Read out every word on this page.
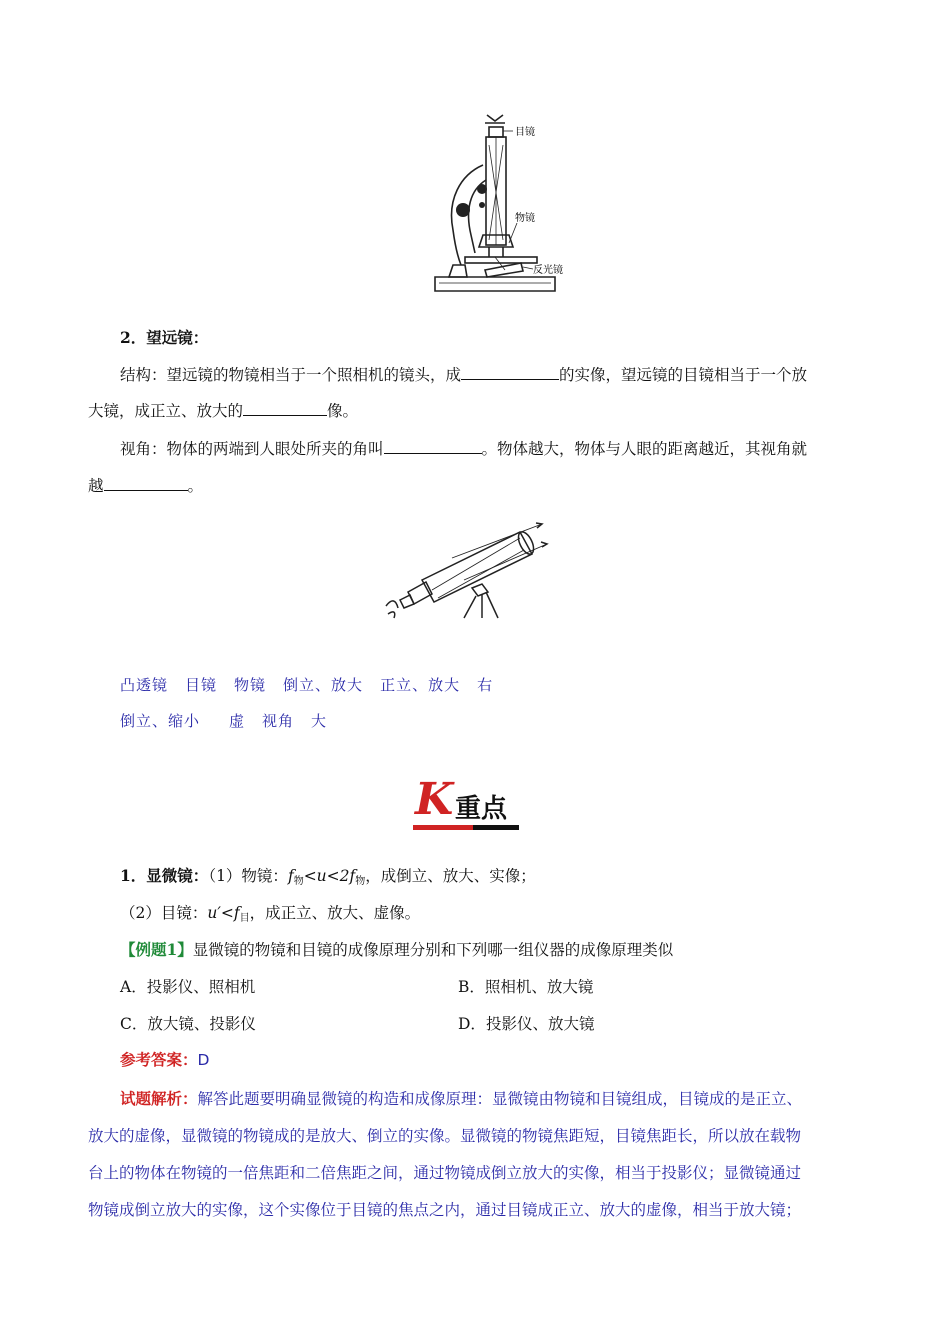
目镜
物镜
反光镜
2．望远镜：
结构：望远镜的物镜相当于一个照相机的镜头，成	的实像，望远镜的目镜相当于一个放
大镜，成正立、放大的	像。
视角：物体的两端到人眼处所夹的角叫	。物体越大，物体与人眼的距离越近，其视角就
越	。
凸透镜 目镜 物镜 倒立、放大 正立、放大 右
倒立、缩小 虚 视角 大
K 重点
1．显微镜：（1）物镜：$f_物<u<2f_物$，成倒立、放大、实像；
（2）目镜：$u'<f_目$，成正立、放大、虚像。
【例题1】显微镜的物镜和目镜的成像原理分别和下列哪一组仪器的成像原理类似
A．投影仪、照相机	B．照相机、放大镜
C．放大镜、投影仪	D．投影仪、放大镜
参考答案：D
试题解析：解答此题要明确显微镜的构造和成像原理：显微镜由物镜和目镜组成，目镜成的是正立、
放大的虚像，显微镜的物镜成的是放大、倒立的实像。显微镜的物镜焦距短，目镜焦距长，所以放在载物
台上的物体在物镜的一倍焦距和二倍焦距之间，通过物镜成倒立放大的实像，相当于投影仪；显微镜通过
物镜成倒立放大的实像，这个实像位于目镜的焦点之内，通过目镜成正立、放大的虚像，相当于放大镜；
